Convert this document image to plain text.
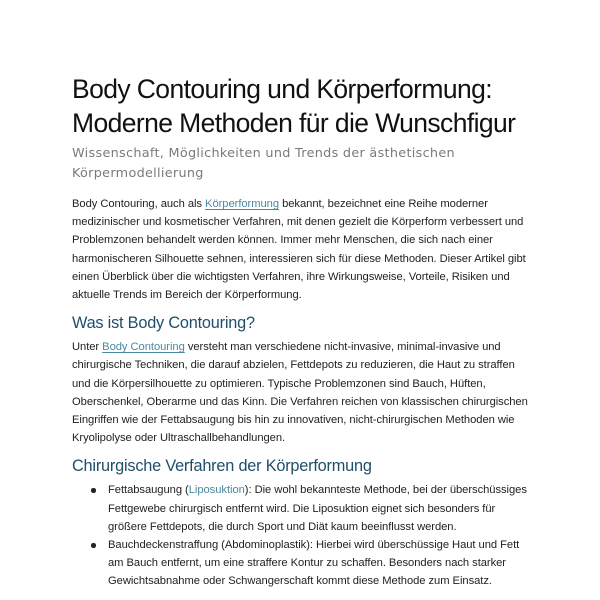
Body Contouring und Körperformung:
Moderne Methoden für die Wunschfigur

Wissenschaft, Möglichkeiten und Trends der ästhetischen Körpermodellierung

Body Contouring, auch als Körperformung bekannt, bezeichnet eine Reihe moderner medizinischer und kosmetischer Verfahren, mit denen gezielt die Körperform verbessert und Problemzonen behandelt werden können. Immer mehr Menschen, die sich nach einer harmonischeren Silhouette sehnen, interessieren sich für diese Methoden. Dieser Artikel gibt einen Überblick über die wichtigsten Verfahren, ihre Wirkungsweise, Vorteile, Risiken und aktuelle Trends im Bereich der Körperformung.

Was ist Body Contouring?

Unter Body Contouring versteht man verschiedene nicht-invasive, minimal-invasive und chirurgische Techniken, die darauf abzielen, Fettdepots zu reduzieren, die Haut zu straffen und die Körpersilhouette zu optimieren. Typische Problemzonen sind Bauch, Hüften, Oberschenkel, Oberarme und das Kinn. Die Verfahren reichen von klassischen chirurgischen Eingriffen wie der Fettabsaugung bis hin zu innovativen, nicht-chirurgischen Methoden wie Kryolipolyse oder Ultraschallbehandlungen.

Chirurgische Verfahren der Körperformung
Fettabsaugung (Liposuktion): Die wohl bekannteste Methode, bei der überschüssiges Fettgewebe chirurgisch entfernt wird. Die Liposuktion eignet sich besonders für größere Fettdepots, die durch Sport und Diät kaum beeinflusst werden.
Bauchdeckenstraffung (Abdominoplastik): Hierbei wird überschüssige Haut und Fett am Bauch entfernt, um eine straffere Kontur zu schaffen. Besonders nach starker Gewichtsabnahme oder Schwangerschaft kommt diese Methode zum Einsatz.
